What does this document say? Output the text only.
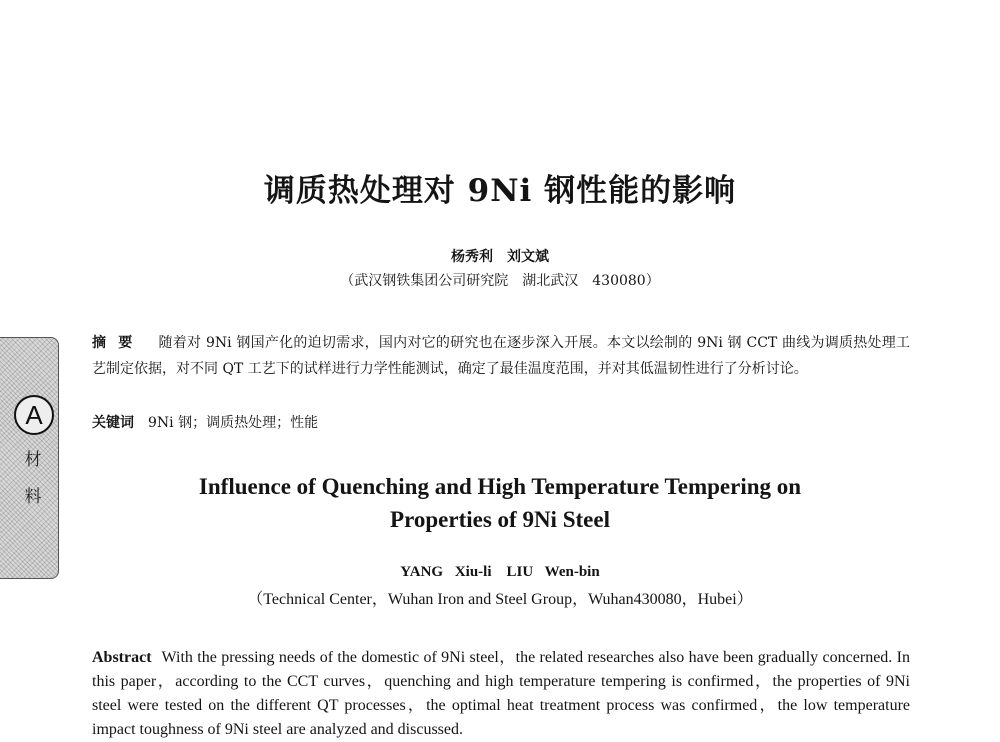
A
材
料
调质热处理对 9Ni 钢性能的影响
杨秀利　刘文斌
（武汉钢铁集团公司研究院　湖北武汉　430080）
摘要 随着对 9Ni 钢国产化的迫切需求，国内对它的研究也在逐步深入开展。本文以绘制的 9Ni 钢 CCT 曲线为调质热处理工艺制定依据，对不同 QT 工艺下的试样进行力学性能测试，确定了最佳温度范围，并对其低温韧性进行了分析讨论。
关键词 9Ni 钢；调质热处理；性能
Influence of Quenching and High Temperature Tempering on
Properties of 9Ni Steel
YANG Xiu-li　LIU Wen-bin
（Technical Center，Wuhan Iron and Steel Group，Wuhan430080，Hubei）
Abstract With the pressing needs of the domestic of 9Ni steel，the related researches also have been gradually concerned. In this paper，according to the CCT curves，quenching and high temperature tempering is confirmed，the properties of 9Ni steel were tested on the different QT processes，the optimal heat treatment process was confirmed，the low temperature impact toughness of 9Ni steel are analyzed and discussed.
